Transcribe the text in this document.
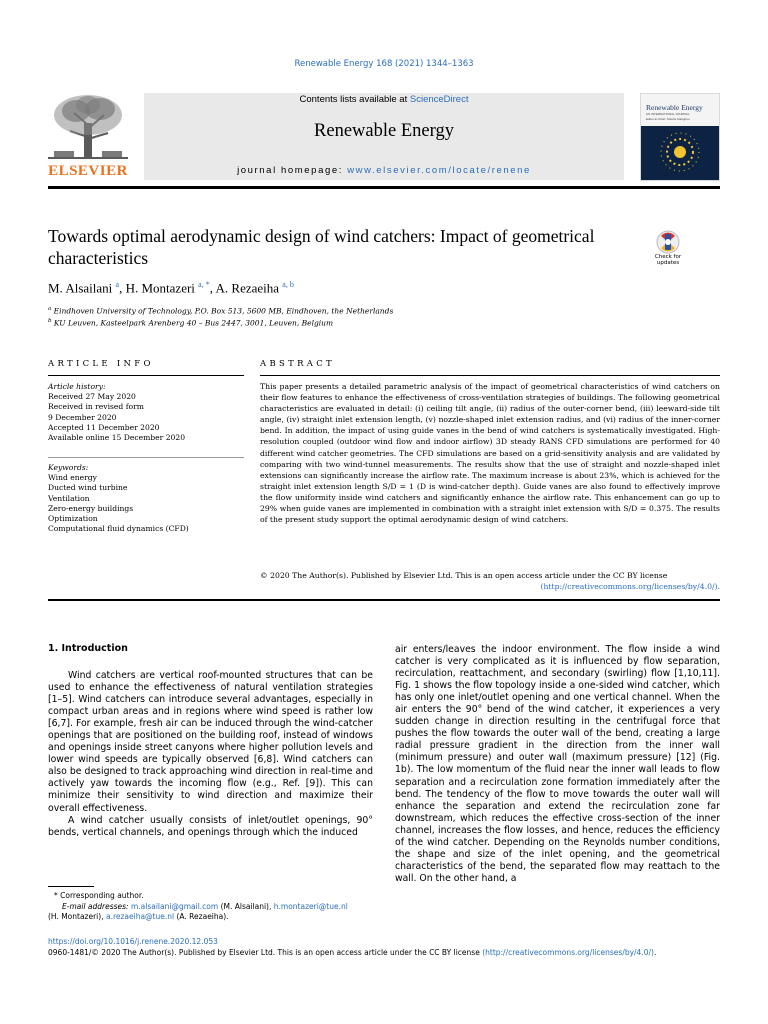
Renewable Energy 168 (2021) 1344–1363
ELSEVIER
Contents lists available at ScienceDirect
Renewable Energy
journal homepage: www.elsevier.com/locate/renene
Renewable Energy
AN INTERNATIONAL JOURNAL
Editor-in-Chief: Soteris Kalogirou
Towards optimal aerodynamic design of wind catchers: Impact of geometrical characteristics	Check for updates
M. Alsailani $^a$, H. Montazeri $^{a, *}$, A. Rezaeiha $^{a, b}$
$^a$ Eindhoven University of Technology, P.O. Box 513, 5600 MB, Eindhoven, the Netherlands
$^b$ KU Leuven, Kasteelpark Arenberg 40 – Bus 2447, 3001, Leuven, Belgium
ARTICLE INFO	ABSTRACT
Article history:
Received 27 May 2020
Received in revised form
9 December 2020
Accepted 11 December 2020
Available online 15 December 2020
Keywords:
Wind energy
Ducted wind turbine
Ventilation
Zero-energy buildings
Optimization
Computational fluid dynamics (CFD)
This paper presents a detailed parametric analysis of the impact of geometrical characteristics of wind catchers on their flow features to enhance the effectiveness of cross-ventilation strategies of buildings. The following geometrical characteristics are evaluated in detail: (i) ceiling tilt angle, (ii) radius of the outer-corner bend, (iii) leeward-side tilt angle, (iv) straight inlet extension length, (v) nozzle-shaped inlet extension radius, and (vi) radius of the inner-corner bend. In addition, the impact of using guide vanes in the bend of wind catchers is systematically investigated. High-resolution coupled (outdoor wind flow and indoor airflow) 3D steady RANS CFD simulations are performed for 40 different wind catcher geometries. The CFD simulations are based on a grid-sensitivity analysis and are validated by comparing with two wind-tunnel measurements. The results show that the use of straight and nozzle-shaped inlet extensions can significantly increase the airflow rate. The maximum increase is about 23%, which is achieved for the straight inlet extension length S/D = 1 (D is wind-catcher depth). Guide vanes are also found to effectively improve the flow uniformity inside wind catchers and significantly enhance the airflow rate. This enhancement can go up to 29% when guide vanes are implemented in combination with a straight inlet extension with S/D = 0.375. The results of the present study support the optimal aerodynamic design of wind catchers.
© 2020 The Author(s). Published by Elsevier Ltd. This is an open access article under the CC BY license
(http://creativecommons.org/licenses/by/4.0/).
1. Introduction

Wind catchers are vertical roof-mounted structures that can be used to enhance the effectiveness of natural ventilation strategies [1–5]. Wind catchers can introduce several advantages, especially in compact urban areas and in regions where wind speed is rather low [6,7]. For example, fresh air can be induced through the wind-catcher openings that are positioned on the building roof, instead of windows and openings inside street canyons where higher pollution levels and lower wind speeds are typically observed [6,8]. Wind catchers can also be designed to track approaching wind direction in real-time and actively yaw towards the incoming flow (e.g., Ref. [9]). This can minimize their sensitivity to wind direction and maximize their overall effectiveness.

A wind catcher usually consists of inlet/outlet openings, 90° bends, vertical channels, and openings through which the induced

air enters/leaves the indoor environment. The flow inside a wind catcher is very complicated as it is influenced by flow separation, recirculation, reattachment, and secondary (swirling) flow [1,10,11]. Fig. 1 shows the flow topology inside a one-sided wind catcher, which has only one inlet/outlet opening and one vertical channel. When the air enters the 90° bend of the wind catcher, it experiences a very sudden change in direction resulting in the centrifugal force that pushes the flow towards the outer wall of the bend, creating a large radial pressure gradient in the direction from the inner wall (minimum pressure) and outer wall (maximum pressure) [12] (Fig. 1b). The low momentum of the fluid near the inner wall leads to flow separation and a recirculation zone formation immediately after the bend. The tendency of the flow to move towards the outer wall will enhance the separation and extend the recirculation zone far downstream, which reduces the effective cross-section of the inner channel, increases the flow losses, and hence, reduces the efficiency of the wind catcher. Depending on the Reynolds number conditions, the shape and size of the inlet opening, and the geometrical characteristics of the bend, the separated flow may reattach to the wall. On the other hand, a
* Corresponding author.
E-mail addresses: m.alsailani@gmail.com (M. Alsailani), h.montazeri@tue.nl
(H. Montazeri), a.rezaeiha@tue.nl (A. Rezaeiha).
https://doi.org/10.1016/j.renene.2020.12.053
0960-1481/© 2020 The Author(s). Published by Elsevier Ltd. This is an open access article under the CC BY license (http://creativecommons.org/licenses/by/4.0/).
